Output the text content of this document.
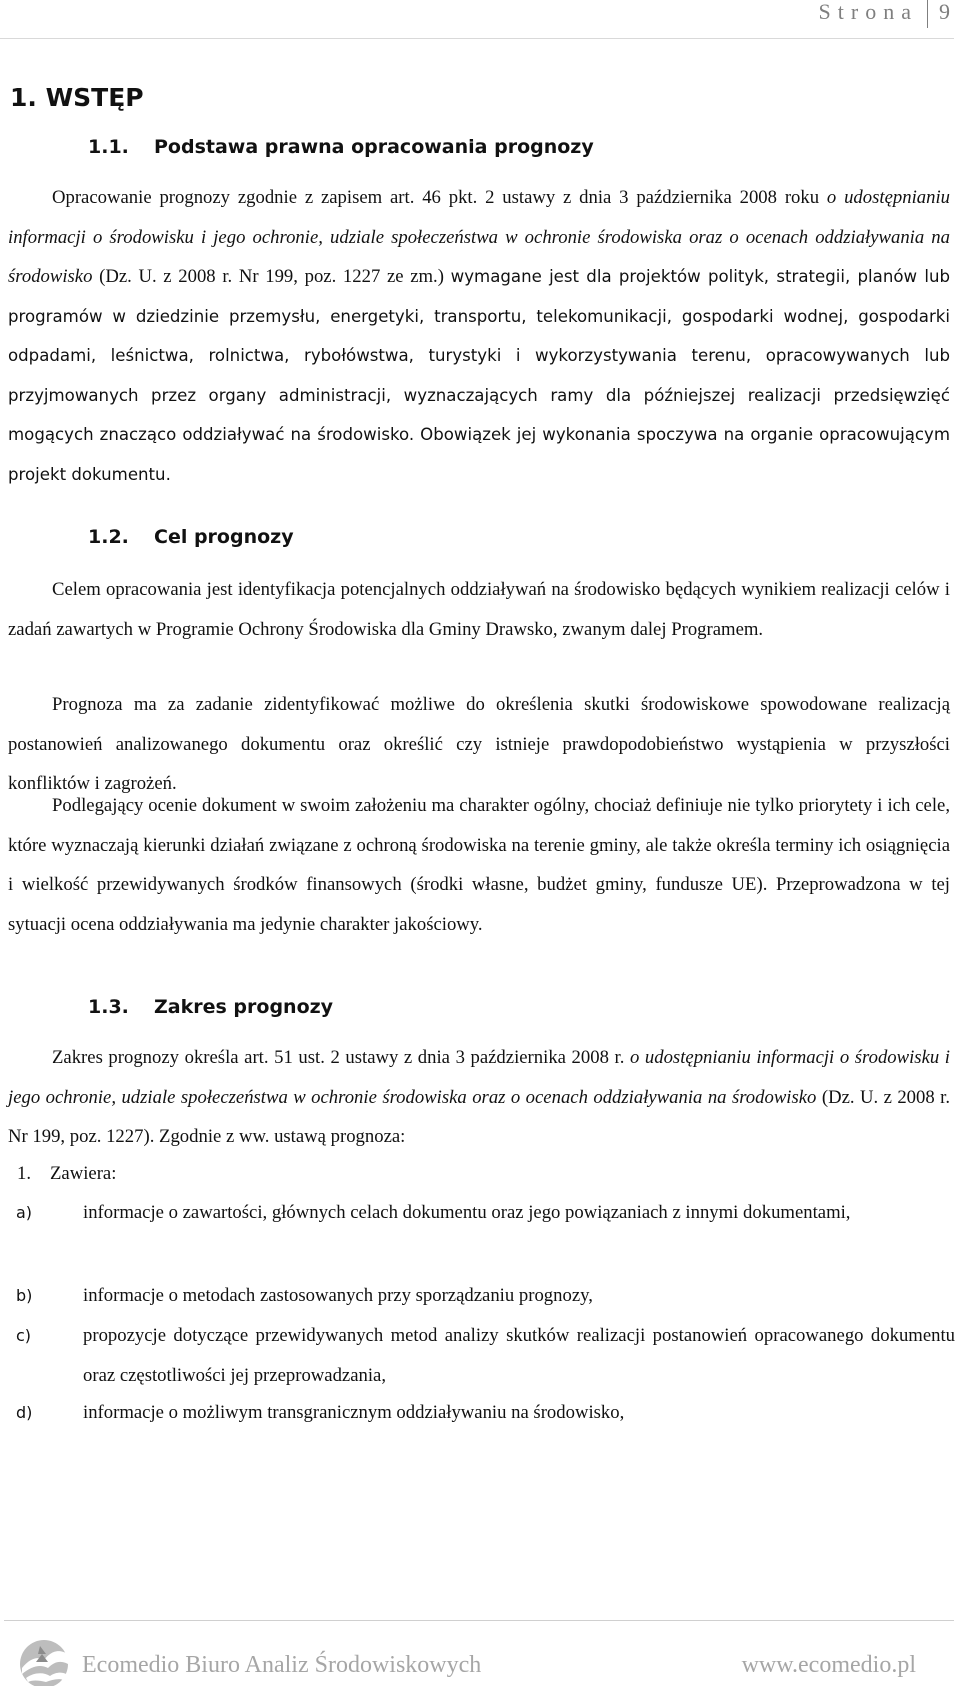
Strona 9
1. WSTĘP
1.1. Podstawa prawna opracowania prognozy

Opracowanie prognozy zgodnie z zapisem art. 46 pkt. 2 ustawy z dnia 3 października 2008 roku o udostępnianiu informacji o środowisku i jego ochronie, udziale społeczeństwa w ochronie środowiska oraz o ocenach oddziaływania na środowisko (Dz. U. z 2008 r. Nr 199, poz. 1227 ze zm.) wymagane jest dla projektów polityk, strategii, planów lub programów w dziedzinie przemysłu, energetyki, transportu, telekomunikacji, gospodarki wodnej, gospodarki odpadami, leśnictwa, rolnictwa, rybołówstwa, turystyki i wykorzystywania terenu, opracowywanych lub przyjmowanych przez organy administracji, wyznaczających ramy dla późniejszej realizacji przedsięwzięć mogących znacząco oddziaływać na środowisko. Obowiązek jej wykonania spoczywa na organie opracowującym projekt dokumentu.

1.2. Cel prognozy

Celem opracowania jest identyfikacja potencjalnych oddziaływań na środowisko będących wynikiem realizacji celów i zadań zawartych w Programie Ochrony Środowiska dla Gminy Drawsko, zwanym dalej Programem.

Prognoza ma za zadanie zidentyfikować możliwe do określenia skutki środowiskowe spowodowane realizacją postanowień analizowanego dokumentu oraz określić czy istnieje prawdopodobieństwo wystąpienia w przyszłości konfliktów i zagrożeń.

Podlegający ocenie dokument w swoim założeniu ma charakter ogólny, chociaż definiuje nie tylko priorytety i ich cele, które wyznaczają kierunki działań związane z ochroną środowiska na terenie gminy, ale także określa terminy ich osiągnięcia i wielkość przewidywanych środków finansowych (środki własne, budżet gminy, fundusze UE). Przeprowadzona w tej sytuacji ocena oddziaływania ma jedynie charakter jakościowy.

1.3. Zakres prognozy

Zakres prognozy określa art. 51 ust. 2 ustawy z dnia 3 października 2008 r. o udostępnianiu informacji o środowisku i jego ochronie, udziale społeczeństwa w ochronie środowiska oraz o ocenach oddziaływania na środowisko (Dz. U. z 2008 r. Nr 199, poz. 1227). Zgodnie z ww. ustawą prognoza:

1. Zawiera:
a)	informacje o zawartości, głównych celach dokumentu oraz jego powiązaniach z innymi dokumentami,
b)	informacje o metodach zastosowanych przy sporządzaniu prognozy,
c)	propozycje dotyczące przewidywanych metod analizy skutków realizacji postanowień opracowanego dokumentu oraz częstotliwości jej przeprowadzania,
d)	informacje o możliwym transgranicznym oddziaływaniu na środowisko,
Ecomedio Biuro Analiz Środowiskowych	www.ecomedio.pl
